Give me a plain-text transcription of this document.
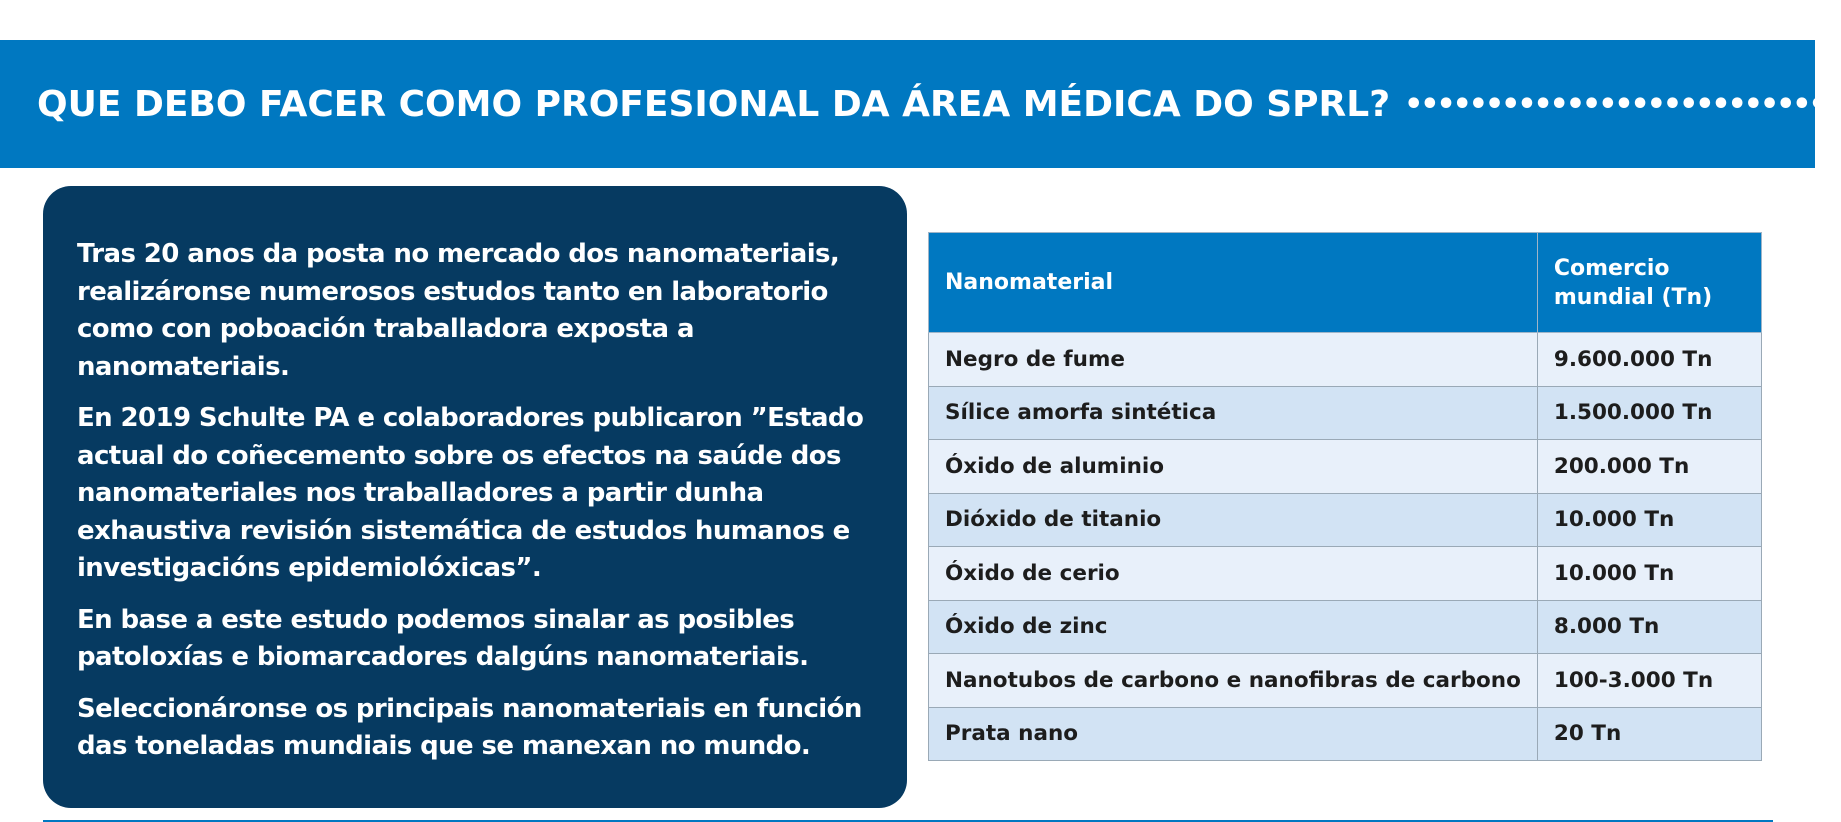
QUE DEBO FACER COMO PROFESIONAL DA ÁREA MÉDICA DO SPRL? •••••••••••••••••••••••••••

Tras 20 anos da posta no mercado dos nanomateriais, realizáronse numerosos estudos tanto en laboratorio como con poboación traballadora exposta a nanomateriais.

En 2019 Schulte PA e colaboradores publicaron ”Estado actual do coñecemento sobre os efectos na saúde dos nanomateriales nos traballadores a partir dunha exhaustiva revisión sistemática de estudos humanos e investigacións epidemiolóxicas”.

En base a este estudo podemos sinalar as posibles patoloxías e biomarcadores dalgúns nanomateriais.

Seleccionáronse os principais nanomateriais en función das toneladas mundiais que se manexan no mundo.

Nanomaterial	Comercio mundial (Tn)
Negro de fume	9.600.000 Tn
Sílice amorfa sintética	1.500.000 Tn
Óxido de aluminio	200.000 Tn
Dióxido de titanio	10.000 Tn
Óxido de cerio	10.000 Tn
Óxido de zinc	8.000 Tn
Nanotubos de carbono e nanofibras de carbono	100-3.000 Tn
Prata nano	20 Tn
